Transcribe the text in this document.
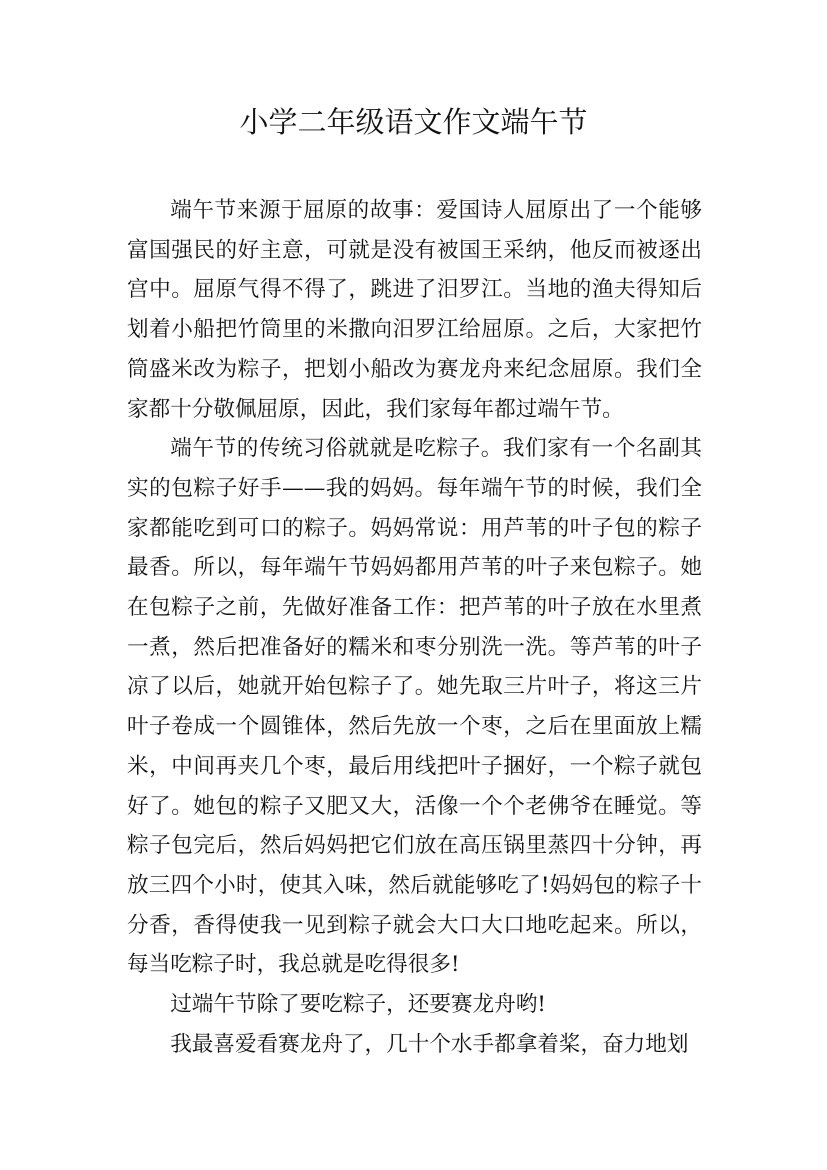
小学二年级语文作文端午节

端午节来源于屈原的故事：爱国诗人屈原出了一个能够富国强民的好主意，可就是没有被国王采纳，他反而被逐出宫中。屈原气得不得了，跳进了汨罗江。当地的渔夫得知后划着小船把竹筒里的米撒向汨罗江给屈原。之后，大家把竹筒盛米改为粽子，把划小船改为赛龙舟来纪念屈原。我们全家都十分敬佩屈原，因此，我们家每年都过端午节。

端午节的传统习俗就就是吃粽子。我们家有一个名副其实的包粽子好手——我的妈妈。每年端午节的时候，我们全家都能吃到可口的粽子。妈妈常说：用芦苇的叶子包的粽子最香。所以，每年端午节妈妈都用芦苇的叶子来包粽子。她在包粽子之前，先做好准备工作：把芦苇的叶子放在水里煮一煮，然后把准备好的糯米和枣分别洗一洗。等芦苇的叶子凉了以后，她就开始包粽子了。她先取三片叶子，将这三片叶子卷成一个圆锥体，然后先放一个枣，之后在里面放上糯米，中间再夹几个枣，最后用线把叶子捆好，一个粽子就包好了。她包的粽子又肥又大，活像一个个老佛爷在睡觉。等粽子包完后，然后妈妈把它们放在高压锅里蒸四十分钟，再放三四个小时，使其入味，然后就能够吃了!妈妈包的粽子十分香，香得使我一见到粽子就会大口大口地吃起来。所以，每当吃粽子时，我总就是吃得很多!

过端午节除了要吃粽子，还要赛龙舟哟!

我最喜爱看赛龙舟了，几十个水手都拿着桨，奋力地划
